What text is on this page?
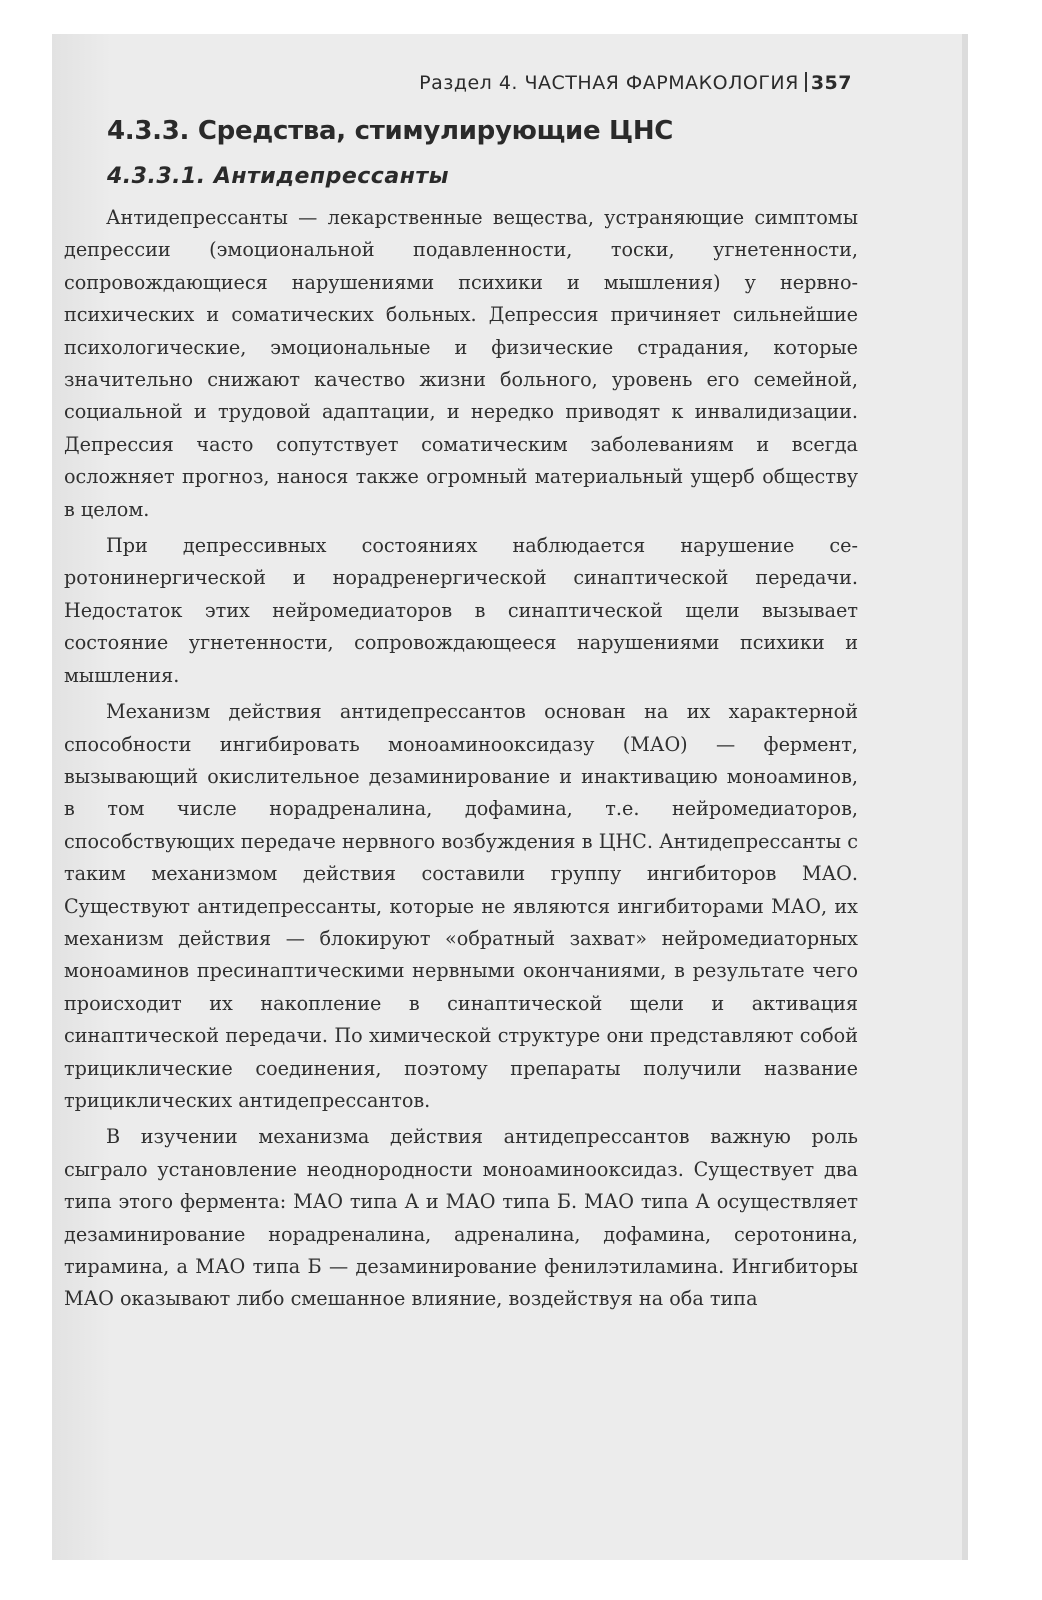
Раздел 4. ЧАСТНАЯ ФАРМАКОЛОГИЯ 357
4.3.3. Средства, стимулирующие ЦНС
4.3.3.1. Антидепрессанты

Антидепрессанты — лекарственные вещества, устраняющие симптомы депрессии (эмоциональной подавленности, тоски, угнетенности, сопровождающиеся нарушениями психики и мышления) у нервно-психических и соматических больных. Депрессия причиняет сильнейшие психологические, эмоциональные и физические страдания, которые значительно снижают качество жизни больного, уровень его семейной, социальной и трудовой адаптации, и нередко приводят к инвалидизации. Депрессия часто сопутствует соматическим заболеваниям и всегда осложняет прогноз, нанося также огромный материальный ущерб обществу в целом.

При депрессивных состояниях наблюдается нарушение серотонинергической и норадренергической синаптической передачи. Недостаток этих нейромедиаторов в синаптической щели вызывает состояние угнетенности, сопровождающееся нарушениями психики и мышления.

Механизм действия антидепрессантов основан на их характерной способности ингибировать моноаминооксидазу (МАО) — фермент, вызывающий окислительное дезаминирование и инактивацию моноаминов, в том числе норадреналина, дофамина, т.е. нейромедиаторов, способствующих передаче нервного возбуждения в ЦНС. Антидепрессанты с таким механизмом действия составили группу ингибиторов МАО. Существуют антидепрессанты, которые не являются ингибиторами МАО, их механизм действия — блокируют «обратный захват» нейромедиаторных моноаминов пресинаптическими нервными окончаниями, в результате чего происходит их накопление в синаптической щели и активация синаптической передачи. По химической структуре они представляют собой трициклические соединения, поэтому препараты получили название трициклических антидепрессантов.

В изучении механизма действия антидепрессантов важную роль сыграло установление неоднородности моноаминооксидаз. Существует два типа этого фермента: МАО типа А и МАО типа Б. МАО типа А осуществляет дезаминирование норадреналина, адреналина, дофамина, серотонина, тирамина, а МАО типа Б — дезаминирование фенилэтиламина. Ингибиторы МАО оказывают либо смешанное влияние, воздействуя на оба типа
